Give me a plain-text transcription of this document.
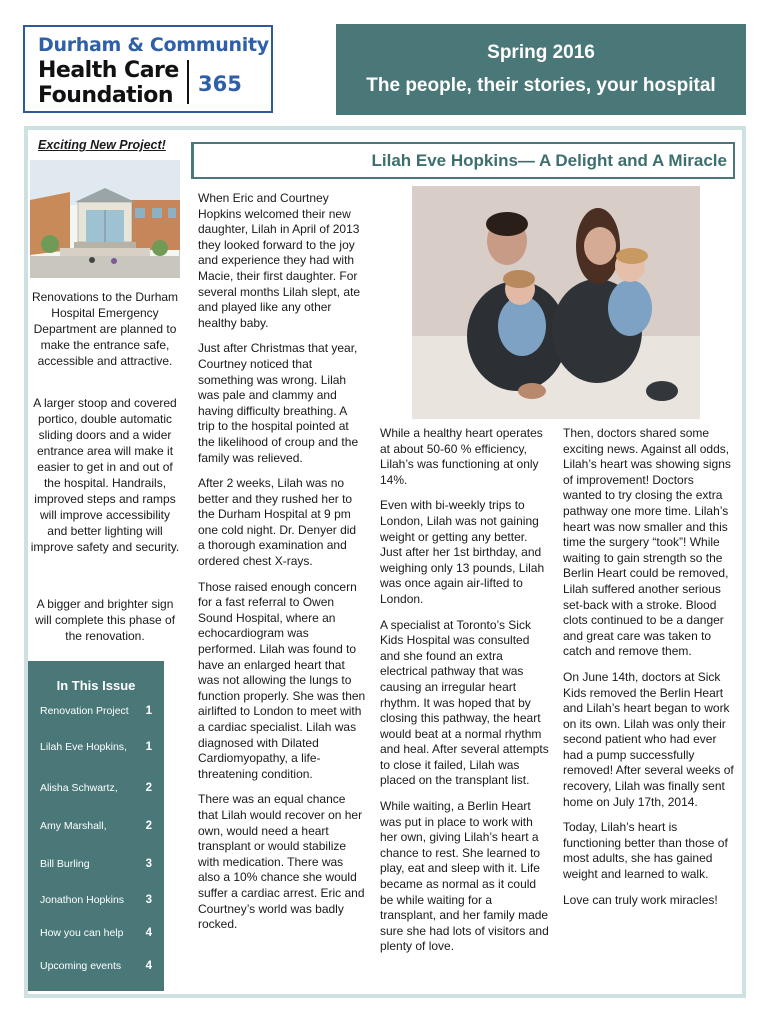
Durham & Community
Health Care
Foundation 365
Spring 2016
The people, their stories, your hospital
Exciting New Project!

Renovations to the Durham Hospital Emergency Department are planned to make the entrance safe, accessible and attractive.

A larger stoop and covered portico, double automatic sliding doors and a wider entrance area will make it easier to get in and out of the hospital. Handrails, improved steps and ramps will improve accessibility and better lighting will improve safety and security.

A bigger and brighter sign will complete this phase of the renovation.

In This Issue
Renovation Project 1
Lilah Eve Hopkins, 1
Alisha Schwartz, 2
Amy Marshall,	2
Bill Burling	3
Jonathon Hopkins 3
How you can help 4
Upcoming events 4
Lilah Eve Hopkins— A Delight and A Miracle

When Eric and Courtney Hopkins welcomed their new daughter, Lilah in April of 2013 they looked forward to the joy and experience they had with Macie, their first daughter. For several months Lilah slept, ate and played like any other healthy baby.

Just after Christmas that year, Courtney noticed that something was wrong. Lilah was pale and clammy and having difficulty breathing. A trip to the hospital pointed at the likelihood of croup and the family was relieved.

After 2 weeks, Lilah was no better and they rushed her to the Durham Hospital at 9 pm one cold night. Dr. Denyer did a thorough examination and ordered chest X-rays.

Those raised enough concern for a fast referral to Owen Sound Hospital, where an echocardiogram was performed. Lilah was found to have an enlarged heart that was not allowing the lungs to function properly. She was then airlifted to London to meet with a cardiac specialist. Lilah was diagnosed with Dilated Cardiomyopathy, a life-threatening condition.

There was an equal chance that Lilah would recover on her own, would need a heart transplant or would stabilize with medication. There was also a 10% chance she would suffer a cardiac arrest. Eric and Courtney’s world was badly rocked.

While a healthy heart operates at about 50-60 % efficiency, Lilah’s was functioning at only 14%.

Even with bi-weekly trips to London, Lilah was not gaining weight or getting any better. Just after her 1st birthday, and weighing only 13 pounds, Lilah was once again air-lifted to London.

A specialist at Toronto’s Sick Kids Hospital was consulted and she found an extra electrical pathway that was causing an irregular heart rhythm. It was hoped that by closing this pathway, the heart would beat at a normal rhythm and heal. After several attempts to close it failed, Lilah was placed on the transplant list.

While waiting, a Berlin Heart was put in place to work with her own, giving Lilah’s heart a chance to rest. She learned to play, eat and sleep with it. Life became as normal as it could be while waiting for a transplant, and her family made sure she had lots of visitors and plenty of love.

Then, doctors shared some exciting news. Against all odds, Lilah’s heart was showing signs of improvement! Doctors wanted to try closing the extra pathway one more time. Lilah’s heart was now smaller and this time the surgery “took”! While waiting to gain strength so the Berlin Heart could be removed, Lilah suffered another serious set-back with a stroke. Blood clots continued to be a danger and great care was taken to catch and remove them.

On June 14th, doctors at Sick Kids removed the Berlin Heart and Lilah’s heart began to work on its own. Lilah was only their second patient who had ever had a pump successfully removed! After several weeks of recovery, Lilah was finally sent home on July 17th, 2014.

Today, Lilah’s heart is functioning better than those of most adults, she has gained weight and learned to walk.

Love can truly work miracles!
